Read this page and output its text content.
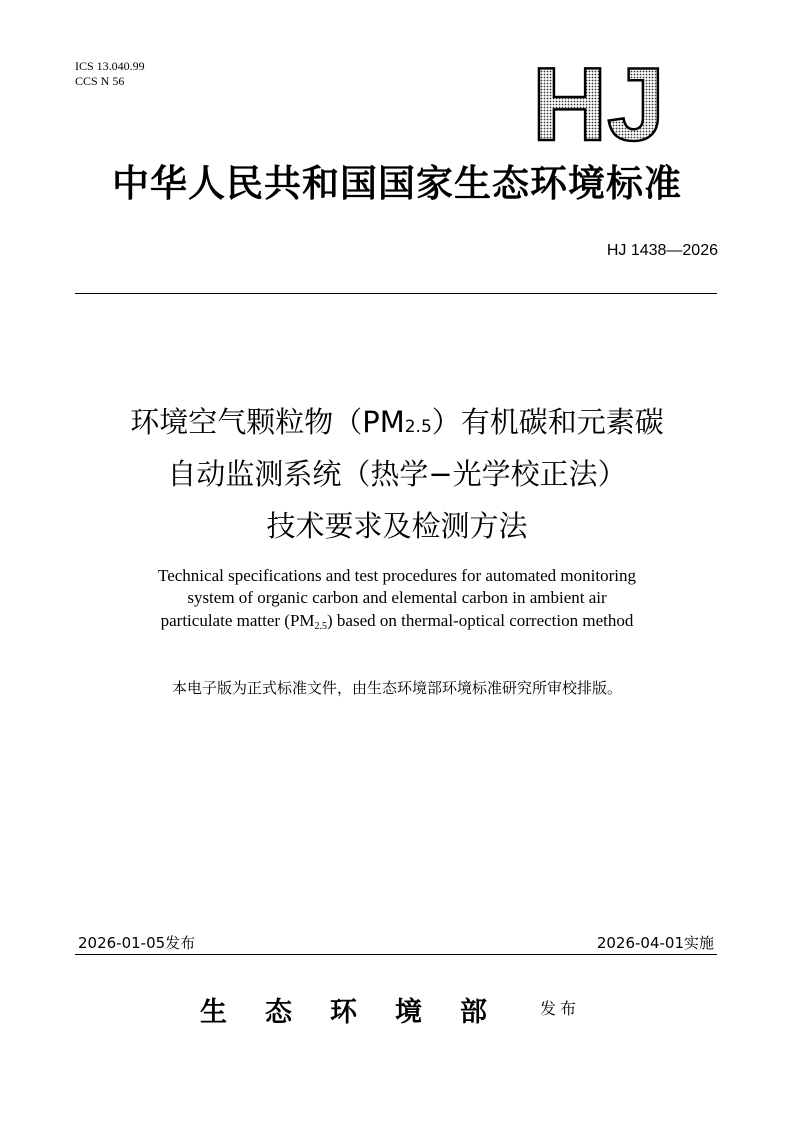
ICS 13.040.99
CCS N 56	HJ
中华人民共和国国家生态环境标准
HJ 1438—2026
环境空气颗粒物（PM2.5）有机碳和元素碳
自动监测系统（热学−光学校正法）
技术要求及检测方法
Technical specifications and test procedures for automated monitoring
system of organic carbon and elemental carbon in ambient air
particulate matter $(PM_{2.5})$ based on thermal-optical correction method
本电子版为正式标准文件，由生态环境部环境标准研究所审校排版。
2026-01-05发布	2026-04-01实施
生态环境部 发布
